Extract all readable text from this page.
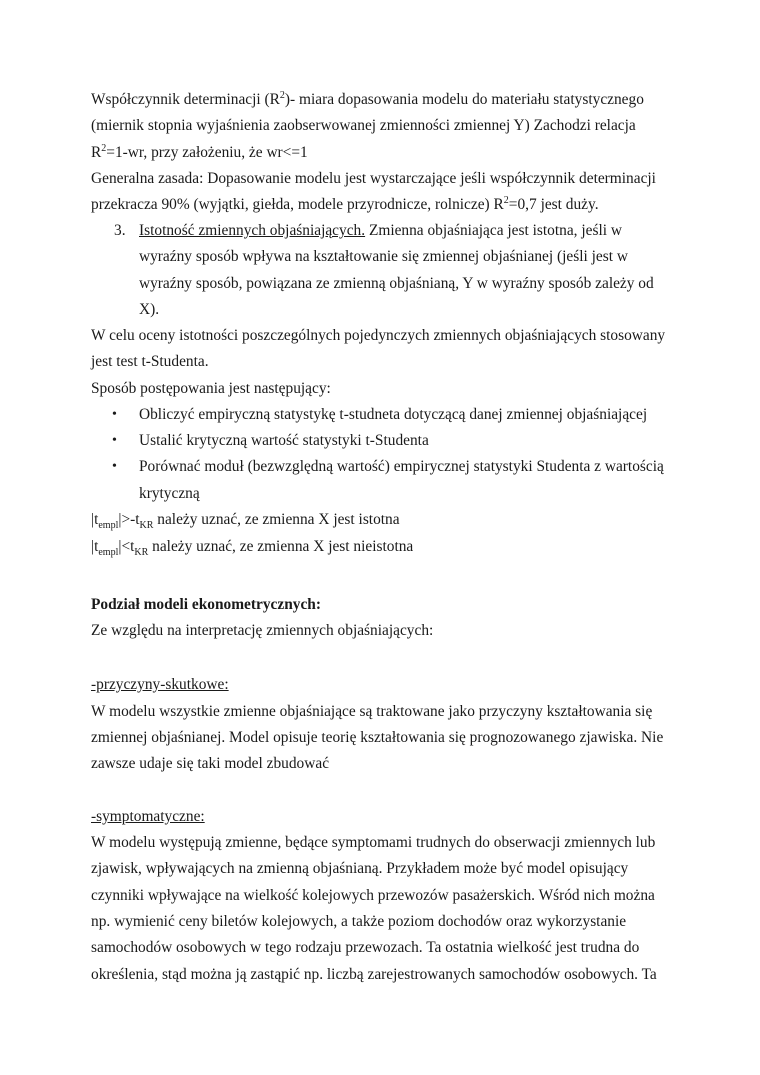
Współczynnik determinacji $(R^2)-$ miara dopasowania modelu do materiału statystycznego
(miernik stopnia wyjaśnienia zaobserwowanej zmienności zmiennej Y) Zachodzi relacja
$R^2=1-wr$, przy założeniu, że wr<=1
Generalna zasada: Dopasowanie modelu jest wystarczające jeśli współczynnik determinacji
przekracza 90% (wyjątki, giełda, modele przyrodnicze, rolnicze) $R^2=0,7$ jest duży.
3. Istotność zmiennych objaśniających. Zmienna objaśniająca jest istotna, jeśli w
wyraźny sposób wpływa na kształtowanie się zmiennej objaśnianej (jeśli jest w
wyraźny sposób, powiązana ze zmienną objaśnianą, Y w wyraźny sposób zależy od
X).
W celu oceny istotności poszczególnych pojedynczych zmiennych objaśniających stosowany
jest test t-Studenta.
Sposób postępowania jest następujący:
• Obliczyć empiryczną statystykę t-studneta dotyczącą danej zmiennej objaśniającej
• Ustalić krytyczną wartość statystyki t-Studenta
• Porównać moduł (bezwzględną wartość) empirycznej statystyki Studenta z wartością
krytyczną
$|t_{empl}|>-t_{KR}$ należy uznać, ze zmienna X jest istotna
$|t_{empl}|<t_{KR}$ należy uznać, ze zmienna X jest nieistotna
Podział modeli ekonometrycznych:
Ze względu na interpretację zmiennych objaśniających:
-przyczyny-skutkowe:
W modelu wszystkie zmienne objaśniające są traktowane jako przyczyny kształtowania się
zmiennej objaśnianej. Model opisuje teorię kształtowania się prognozowanego zjawiska. Nie
zawsze udaje się taki model zbudować
-symptomatyczne:
W modelu występują zmienne, będące symptomami trudnych do obserwacji zmiennych lub
zjawisk, wpływających na zmienną objaśnianą. Przykładem może być model opisujący
czynniki wpływające na wielkość kolejowych przewozów pasażerskich. Wśród nich można
np. wymienić ceny biletów kolejowych, a także poziom dochodów oraz wykorzystanie
samochodów osobowych w tego rodzaju przewozach. Ta ostatnia wielkość jest trudna do
określenia, stąd można ją zastąpić np. liczbą zarejestrowanych samochodów osobowych. Ta
